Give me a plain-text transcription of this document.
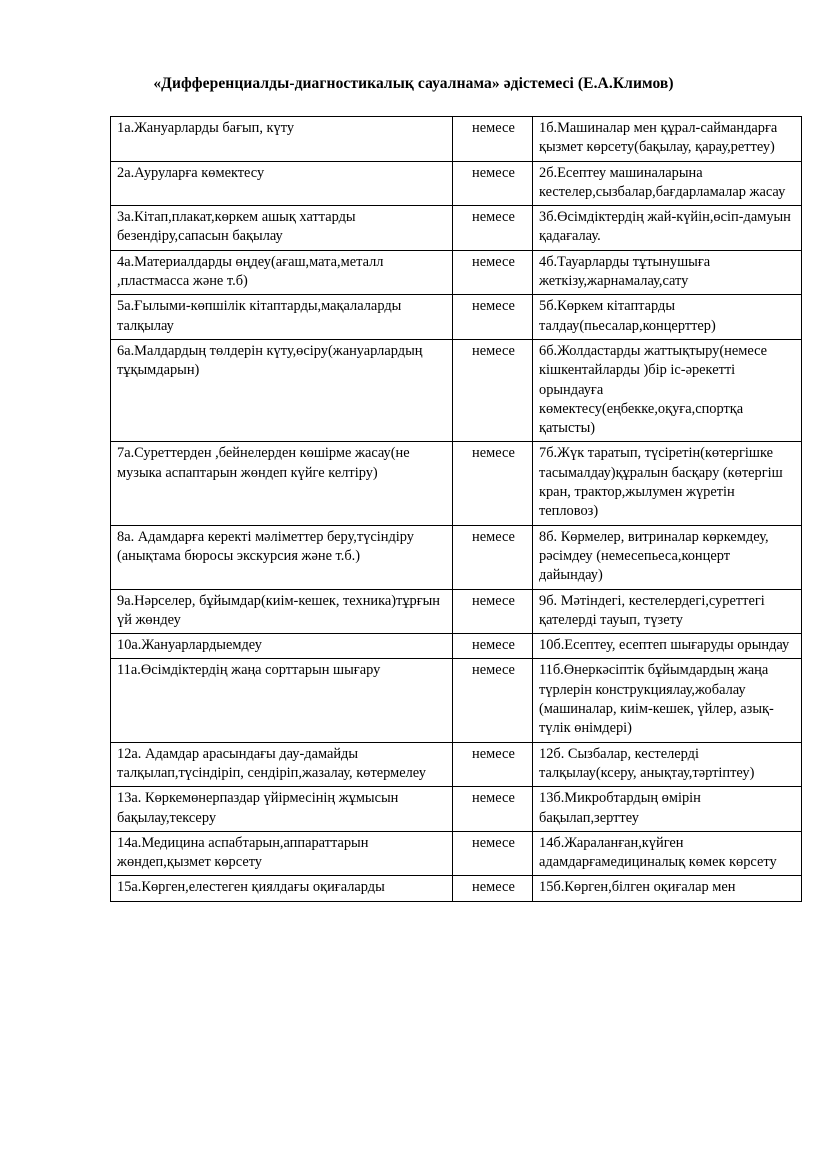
«Дифференциалды-диагностикалық сауалнама» әдістемесі (Е.А.Климов)
1а.Жануарларды бағып, күту	немесе	1б.Машиналар мен құрал-саймандарға қызмет көрсету(бақылау, қарау,реттеу)
2а.Ауруларға көмектесу	немесе	2б.Есептеу машиналарына кестелер,сызбалар,бағдарламалар жасау
3а.Кітап,плакат,көркем ашық хаттарды безендіру,сапасын бақылау	немесе	3б.Өсімдіктердің жай-күйін,өсіп-дамуын қадағалау.
4а.Материалдарды өңдеу(ағаш,мата,металл ,пластмасса және т.б)	немесе	4б.Тауарларды тұтынушыға жеткізу,жарнамалау,сату
5а.Ғылыми-көпшілік кітаптарды,мақалаларды талқылау	немесе	5б.Көркем кітаптарды талдау(пьесалар,концерттер)
6а.Малдардың төлдерін күту,өсіру(жануарлардың тұқымдарын)	немесе	6б.Жолдастарды жаттықтыру(немесе кішкентайларды )бір іс-әрекетті орындауға көмектесу(еңбекке,оқуға,спортқа қатысты)
7а.Суреттерден ,бейнелерден көшірме жасау(не музыка аспаптарын жөндеп күйге келтіру)	немесе	7б.Жүк таратып, түсіретін(көтергішке тасымалдау)құралын басқару (көтергіш кран, трактор,жылумен жүретін тепловоз)
8а. Адамдарға керекті мәліметтер беру,түсіндіру (анықтама бюросы экскурсия және т.б.)	немесе	8б. Көрмелер, витриналар көркемдеу, рәсімдеу (немесепьеса,концерт дайындау)
9а.Нәрселер, бұйымдар(киім-кешек, техника)тұрғын үй жөндеу	немесе	9б. Мәтіндегі, кестелердегі,суреттегі қателерді тауып, түзету
10а.Жануарлардыемдеу	немесе	10б.Есептеу, есептеп шығаруды орындау
11а.Өсімдіктердің жаңа сорттарын шығару	немесе	11б.Өнеркәсіптік бұйымдардың жаңа түрлерін конструкциялау,жобалау (машиналар, киім-кешек, үйлер, азық-түлік өнімдері)
12а. Адамдар арасындағы дау-дамайды талқылап,түсіндіріп, сендіріп,жазалау, көтермелеу	немесе	12б. Сызбалар, кестелерді талқылау(ксеру, анықтау,тәртіптеу)
13а. Көркемөнерпаздар үйірмесінің жұмысын бақылау,тексеру	немесе	13б.Микробтардың өмірін бақылап,зерттеу
14а.Медицина аспабтарын,аппараттарын жөндеп,қызмет көрсету	немесе	14б.Жараланған,күйген адамдарғамедициналық көмек көрсету
15а.Көрген,елестеген қиялдағы оқиғаларды	немесе	15б.Көрген,білген оқиғалар мен
